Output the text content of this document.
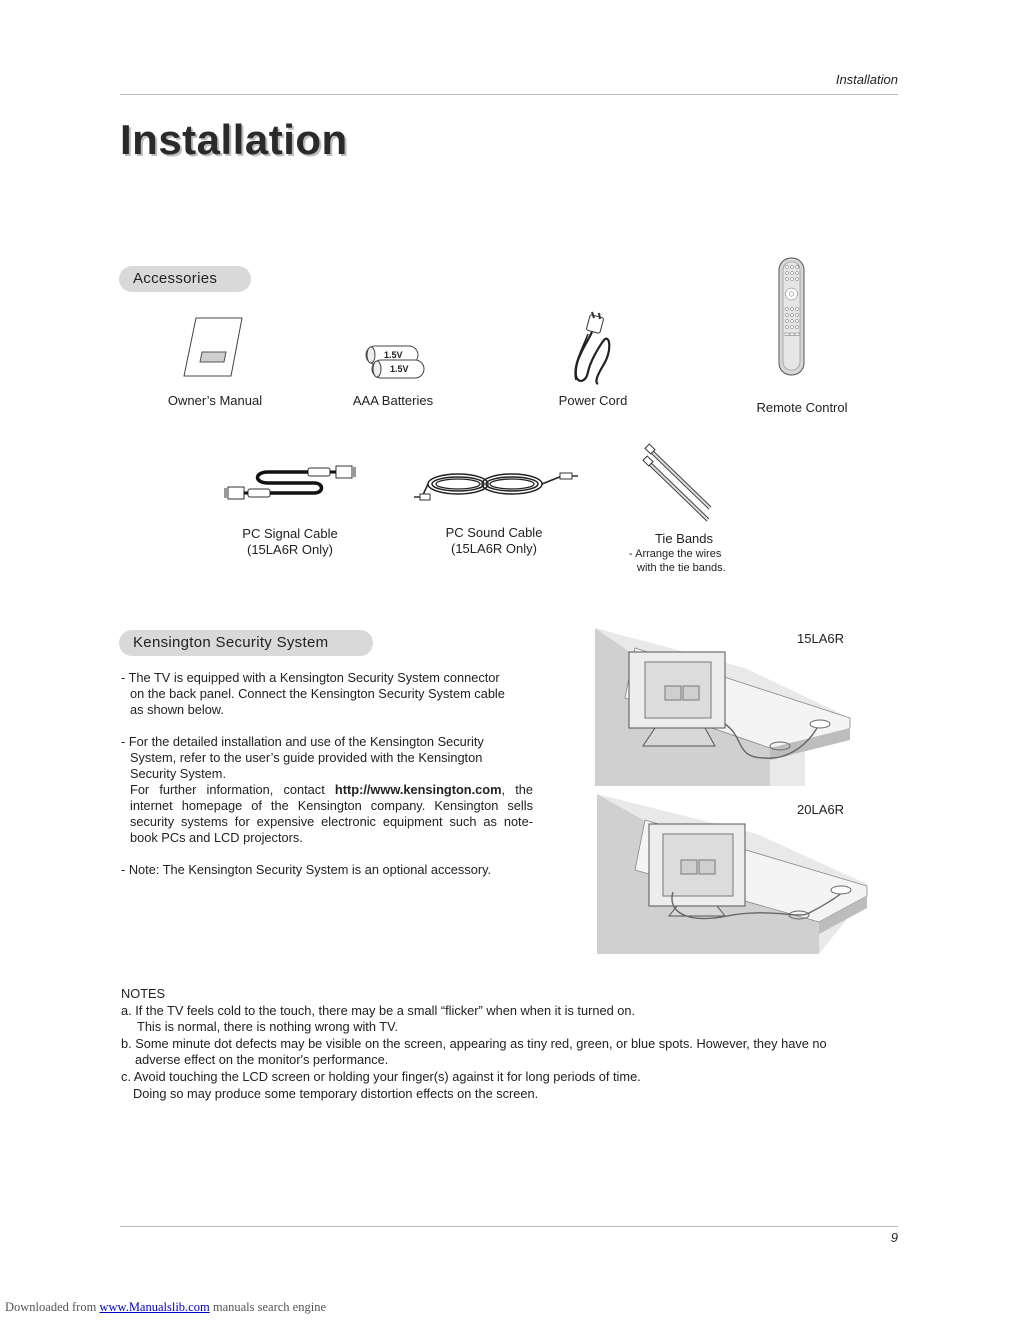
Installation
Installation
Accessories
Owner’s Manual
1.5V
1.5V
AAA Batteries	Power Cord	Remote Control
PC Signal Cable
(15LA6R Only)
PC Sound Cable
(15LA6R Only)
Tie Bands
- Arrange the wires
with the tie bands.
Kensington Security System

- The TV is equipped with a Kensington Security System connector

on the back panel. Connect the Kensington Security System cable

as shown below.

- For the detailed installation and use of the Kensington Security

System, refer to the user’s guide provided with the Kensington

Security System.

For further information, contact http://www.kensington.com, the internet homepage of the Kensington company. Kensington sells security systems for expensive electronic equipment such as note-book PCs and LCD projectors.

- Note: The Kensington Security System is an optional accessory.

15LA6R
20LA6R

NOTES

a. If the TV feels cold to the touch, there may be a small “flicker” when when it is turned on.

This is normal, there is nothing wrong with TV.

b. Some minute dot defects may be visible on the screen, appearing as tiny red, green, or blue spots. However, they have no

adverse effect on the monitor's performance.

c. Avoid touching the LCD screen or holding your finger(s) against it for long periods of time.

Doing so may produce some temporary distortion effects on the screen.

9
Downloaded from www.Manualslib.com manuals search engine
